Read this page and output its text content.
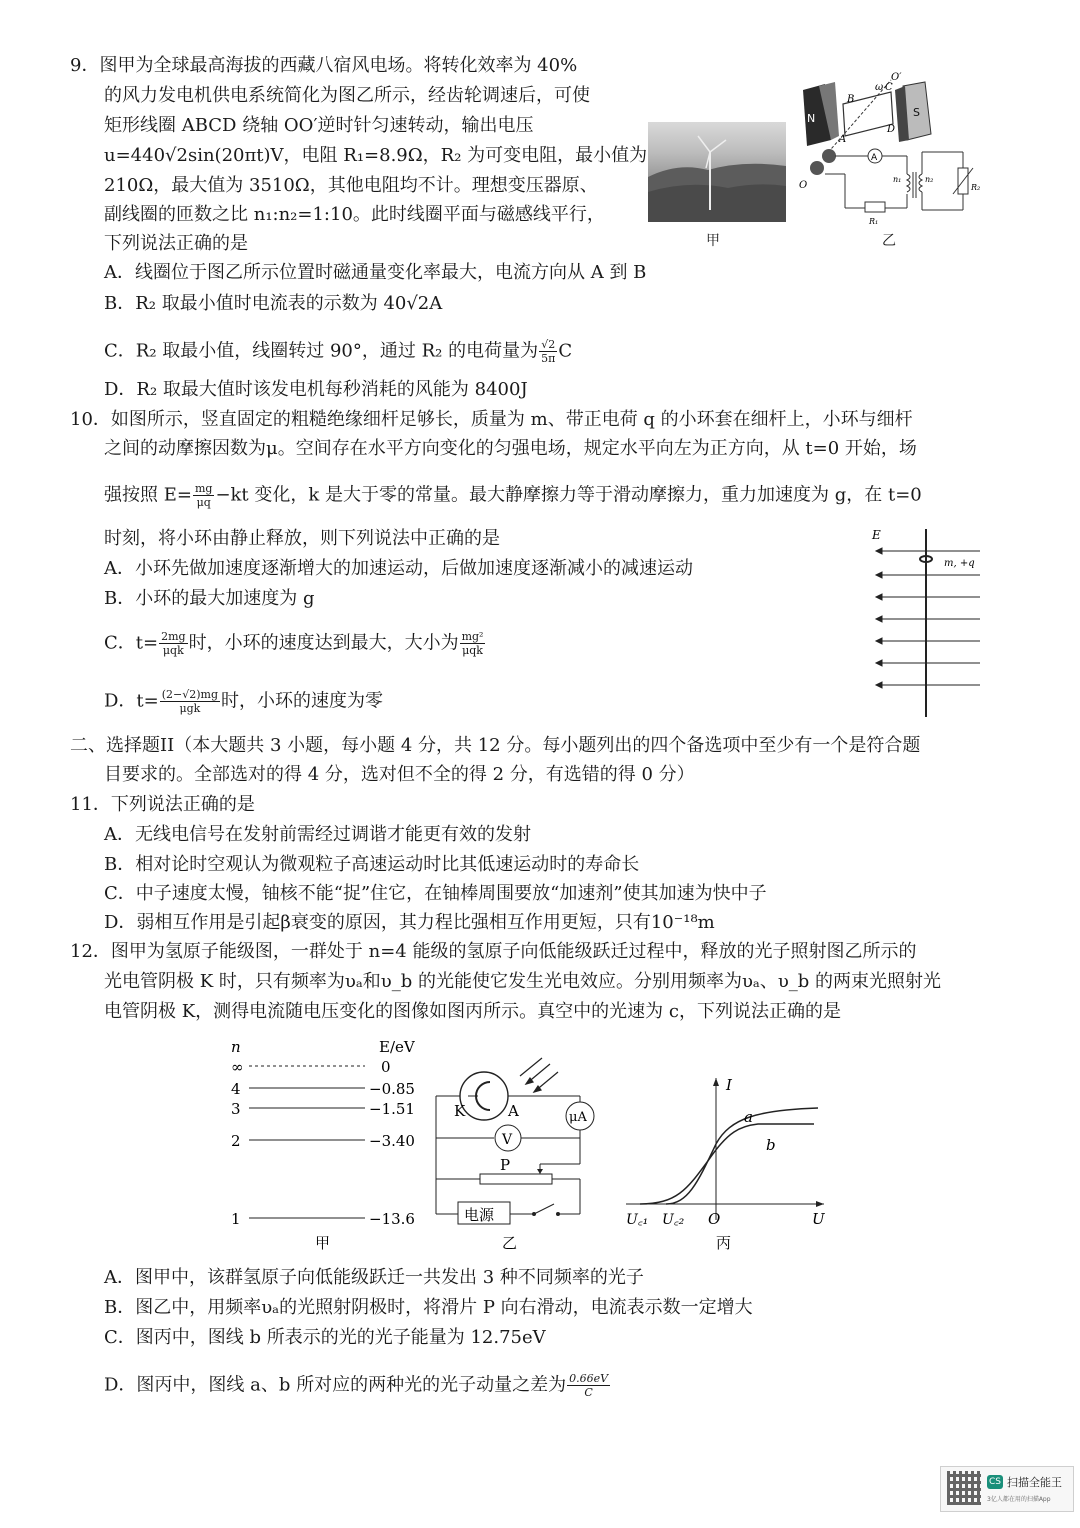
9．图甲为全球最高海拔的西藏八宿风电场。将转化效率为 40%
的风力发电机供电系统简化为图乙所示，经齿轮调速后，可使
矩形线圈 ABCD 绕轴 OO′逆时针匀速转动，输出电压
u=440√2sin(20πt)V，电阻 R₁=8.9Ω，R₂ 为可变电阻，最小值为
210Ω，最大值为 3510Ω，其他电阻均不计。理想变压器原、
副线圈的匝数之比 n₁:n₂=1:10。此时线圈平面与磁感线平行，
下列说法正确的是
A．线圈位于图乙所示位置时磁通量变化率最大，电流方向从 A 到 B
B．R₂ 取最小值时电流表的示数为 40√2A
C．R₂ 取最小值，线圈转过 90°，通过 R₂ 的电荷量为 $\frac{√2}{5\pi}$ C
D．R₂ 取最大值时该发电机每秒消耗的风能为 8400J
甲
N	S
B
C
D
A
O′
ω
O
A
R₁
n₁	n₂
R₂
乙
10．如图所示，竖直固定的粗糙绝缘细杆足够长，质量为 m、带正电荷 q 的小环套在细杆上，小环与细杆
之间的动摩擦因数为μ。空间存在水平方向变化的匀强电场，规定水平向左为正方向，从 t=0 开始，场
强按照 $E= \frac{mg}{\mu q} -kt$ 变化，k 是大于零的常量。最大静摩擦力等于滑动摩擦力，重力加速度为 g，在 t=0
时刻，将小环由静止释放，则下列说法中正确的是
A．小环先做加速度逐渐增大的加速运动，后做加速度逐渐减小的减速运动
B．小环的最大加速度为 g
C．$t= \frac{2mg}{\text{μqk}}$ 时，小环的速度达到最大，大小为 $\frac{\text{mg²}}{\text{μqk}}$
D．$t= \frac{(2-√2)mg}{\text{μgk}}$ 时，小环的速度为零
E
m, +q
二、选择题II（本大题共 3 小题，每小题 4 分，共 12 分。每小题列出的四个备选项中至少有一个是符合题
目要求的。全部选对的得 4 分，选对但不全的得 2 分，有选错的得 0 分）
11．下列说法正确的是
A．无线电信号在发射前需经过调谐才能更有效的发射
B．相对论时空观认为微观粒子高速运动时比其低速运动时的寿命长
C．中子速度太慢，铀核不能“捉”住它，在铀棒周围要放“加速剂”使其加速为快中子
D．弱相互作用是引起β衰变的原因，其力程比强相互作用更短，只有10⁻¹⁸m
12．图甲为氢原子能级图，一群处于 n=4 能级的氢原子向低能级跃迁过程中，释放的光子照射图乙所示的
光电管阴极 K 时，只有频率为υₐ和υ_b 的光能使它发生光电效应。分别用频率为υₐ、υ_b 的两束光照射光
电管阴极 K，测得电流随电压变化的图像如图丙所示。真空中的光速为 c，下列说法正确的是
n	E/eV
∞	0
4	−0.85
3	−1.51
2	−3.40
1	−13.6
甲
K	A	μA
V
P
电源
乙
I
U
O
a
b
U꜀₁ U꜀₂
丙
A．图甲中，该群氢原子向低能级跃迁一共发出 3 种不同频率的光子
B．图乙中，用频率υₐ的光照射阴极时，将滑片 P 向右滑动，电流表示数一定增大
C．图丙中，图线 b 所表示的光的光子能量为 12.75eV
D．图丙中，图线 a、b 所对应的两种光的光子动量之差为 $\frac{0.66eV}{C}$
CS 扫描全能王
3亿人都在用的扫描App
